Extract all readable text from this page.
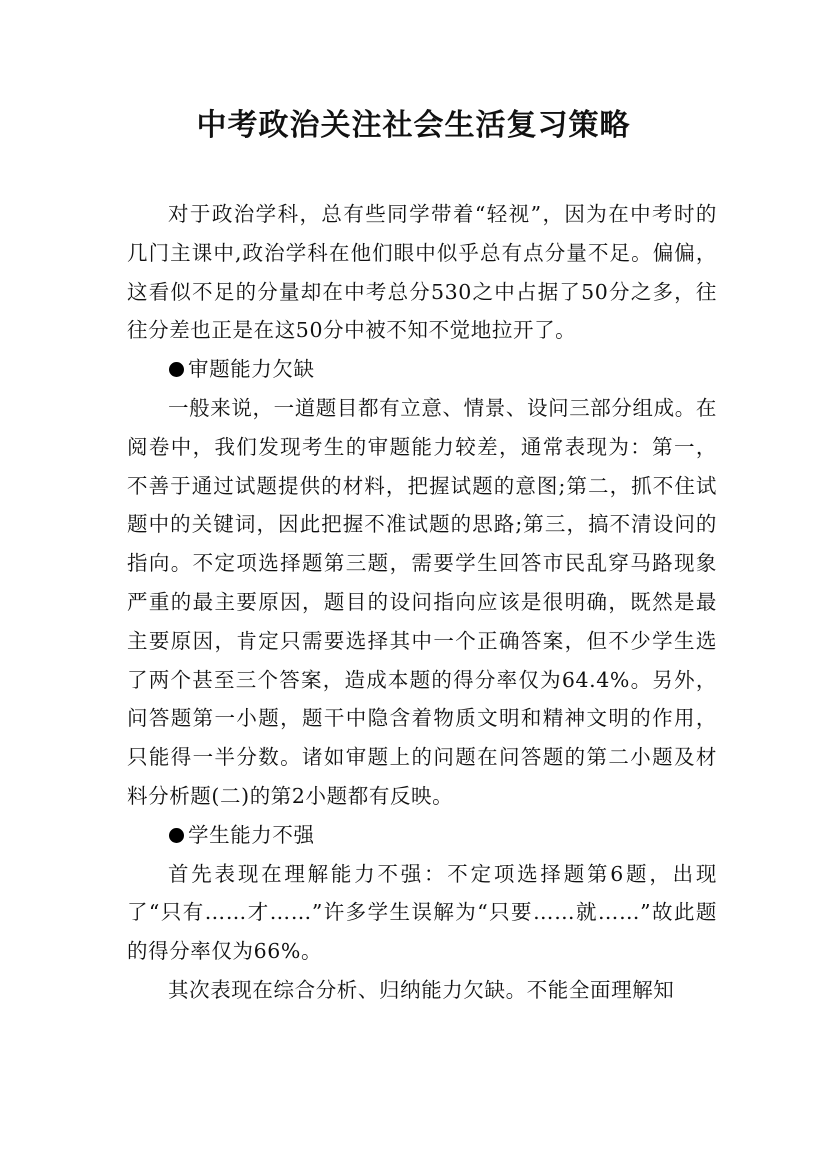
中考政治关注社会生活复习策略

对于政治学科，总有些同学带着“轻视”，因为在中考时的几门主课中,政治学科在他们眼中似乎总有点分量不足。偏偏，这看似不足的分量却在中考总分530之中占据了50分之多，往往分差也正是在这50分中被不知不觉地拉开了。

审题能力欠缺

一般来说，一道题目都有立意、情景、设问三部分组成。在阅卷中，我们发现考生的审题能力较差，通常表现为：第一，不善于通过试题提供的材料，把握试题的意图;第二，抓不住试题中的关键词，因此把握不准试题的思路;第三，搞不清设问的指向。不定项选择题第三题，需要学生回答市民乱穿马路现象严重的最主要原因，题目的设问指向应该是很明确，既然是最主要原因，肯定只需要选择其中一个正确答案，但不少学生选了两个甚至三个答案，造成本题的得分率仅为64.4%。另外，问答题第一小题，题干中隐含着物质文明和精神文明的作用，只能得一半分数。诸如审题上的问题在问答题的第二小题及材料分析题(二)的第2小题都有反映。

学生能力不强

首先表现在理解能力不强：不定项选择题第6题，出现了“只有……才……”许多学生误解为“只要……就……”故此题的得分率仅为66%。

其次表现在综合分析、归纳能力欠缺。不能全面理解知
